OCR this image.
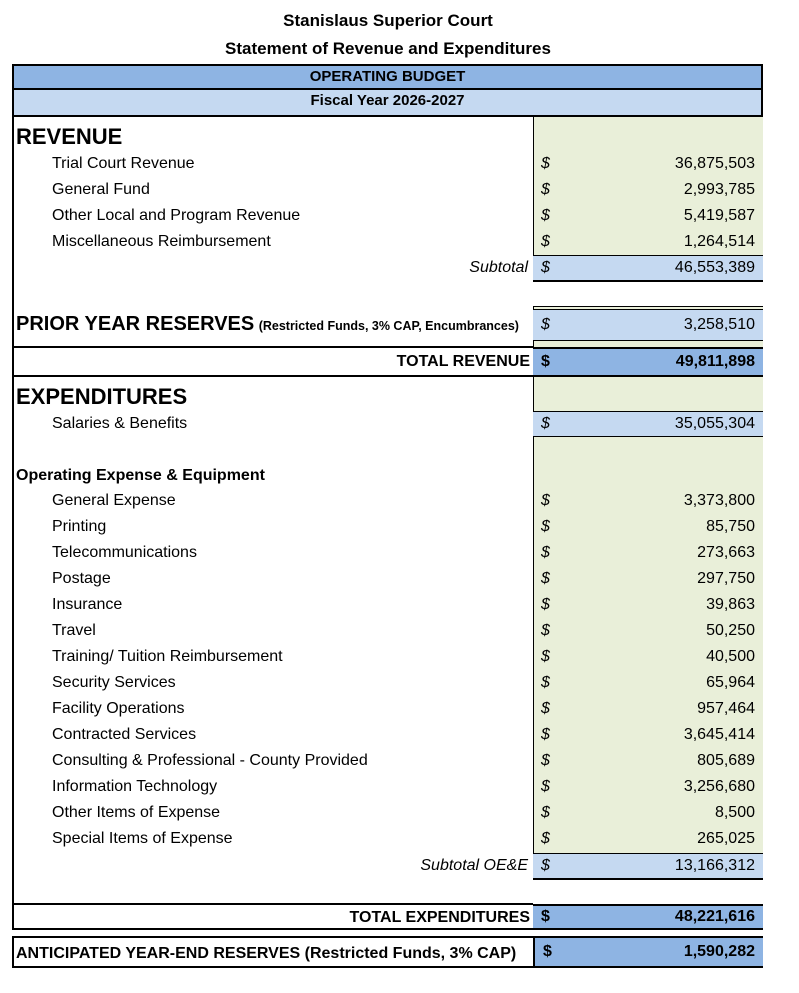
Stanislaus Superior Court
Statement of Revenue and Expenditures
OPERATING BUDGET
Fiscal Year 2026-2027
REVENUE
Trial Court Revenue	$	36,875,503
General Fund	$	2,993,785
Other Local and Program Revenue	$	5,419,587
Miscellaneous Reimbursement	$	1,264,514
Subtotal $	46,553,389
PRIOR YEAR RESERVES (Restricted Funds, 3% CAP, Encumbrances) $	3,258,510
TOTAL REVENUE $	49,811,898
EXPENDITURES
Salaries & Benefits	$	35,055,304
Operating Expense & Equipment
General Expense	$	3,373,800
Printing	$	85,750
Telecommunications	$	273,663
Postage	$	297,750
Insurance	$	39,863
Travel	$	50,250
Training/ Tuition Reimbursement	$	40,500
Security Services	$	65,964
Facility Operations	$	957,464
Contracted Services	$	3,645,414
Consulting & Professional - County Provided	$	805,689
Information Technology	$	3,256,680
Other Items of Expense	$	8,500
Special Items of Expense	$	265,025
Subtotal OE&E $	13,166,312
TOTAL EXPENDITURES $	48,221,616
ANTICIPATED YEAR-END RESERVES (Restricted Funds, 3% CAP) $	1,590,282
